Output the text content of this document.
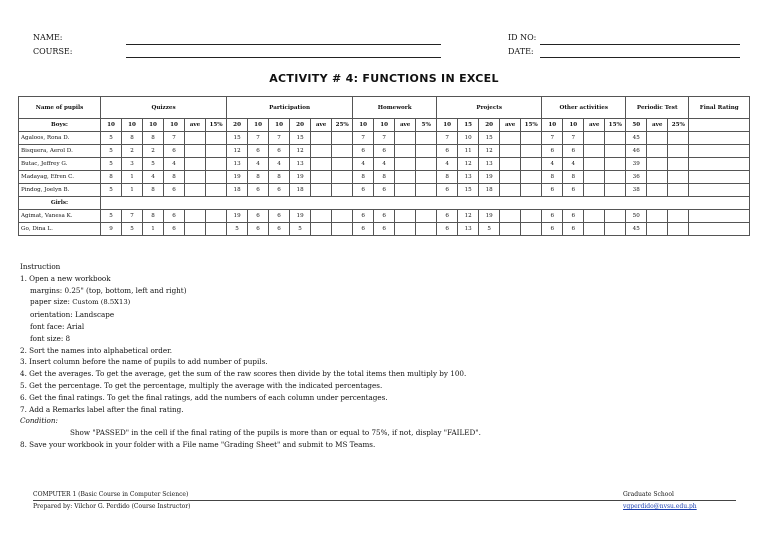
NAME:
COURSE:
ID NO:
DATE:
ACTIVITY # 4: FUNCTIONS IN EXCEL
Name of pupils	Quizzes						Participation						Homework				Projects					Other activities				Periodic Test			Final Rating
Boys:	10	10	10	10	ave	15%	20	10	10	20	ave	25%	10	10	ave	5%	10	15	20	ave	15%	10	10	ave	15%	50	ave	25%	
Agaloos, Rona D.	5	8	8	7			15	7	7	15			7	7			7	10	15			7	7			45			
Bisquera, Aerol D.	5	2	2	6			12	6	6	12			6	6			6	11	12			6	6			46			
Butac, Jeffrey G.	5	3	5	4			13	4	4	13			4	4			4	12	13			4	4			39			
Madayag, Efren C.	8	1	4	8			19	8	8	19			8	8			8	13	19			8	8			36			
Pindog, Joelyn B.	5	1	8	6			18	6	6	18			6	6			6	15	18			6	6			38			
Girls:																													
Agimat, Vanesa K.	5	7	8	6			19	6	6	19			6	6			6	12	19			6	6			50			
Go, Dina L.	9	5	1	6			5	6	6	5			6	6			6	13	5			6	6			45			
Instruction
1. Open a new workbook
margins: 0.25" (top, bottom, left and right)
paper size: Custom (8.5X13)
orientation: Landscape
font face: Arial
font size: 8
2. Sort the names into alphabetical order.
3. Insert column before the name of pupils to add number of pupils.
4. Get the averages. To get the average, get the sum of the raw scores then divide by the total items then multiply by 100.
5. Get the percentage. To get the percentage, multiply the average with the indicated percentages.
6. Get the final ratings. To get the final ratings, add the numbers of each column under percentages.
7. Add a Remarks label after the final rating.
Condition:
Show "PASSED" in the cell if the final rating of the pupils is more than or equal to 75%, if not, display "FAILED".
8. Save your workbook in your folder with a File name "Grading Sheet" and submit to MS Teams.
COMPUTER 1 (Basic Course in Computer Science)
Prepared by: Vilchor G. Perdido (Course Instructor)
Graduate School
vgperdido@nvsu.edu.ph
